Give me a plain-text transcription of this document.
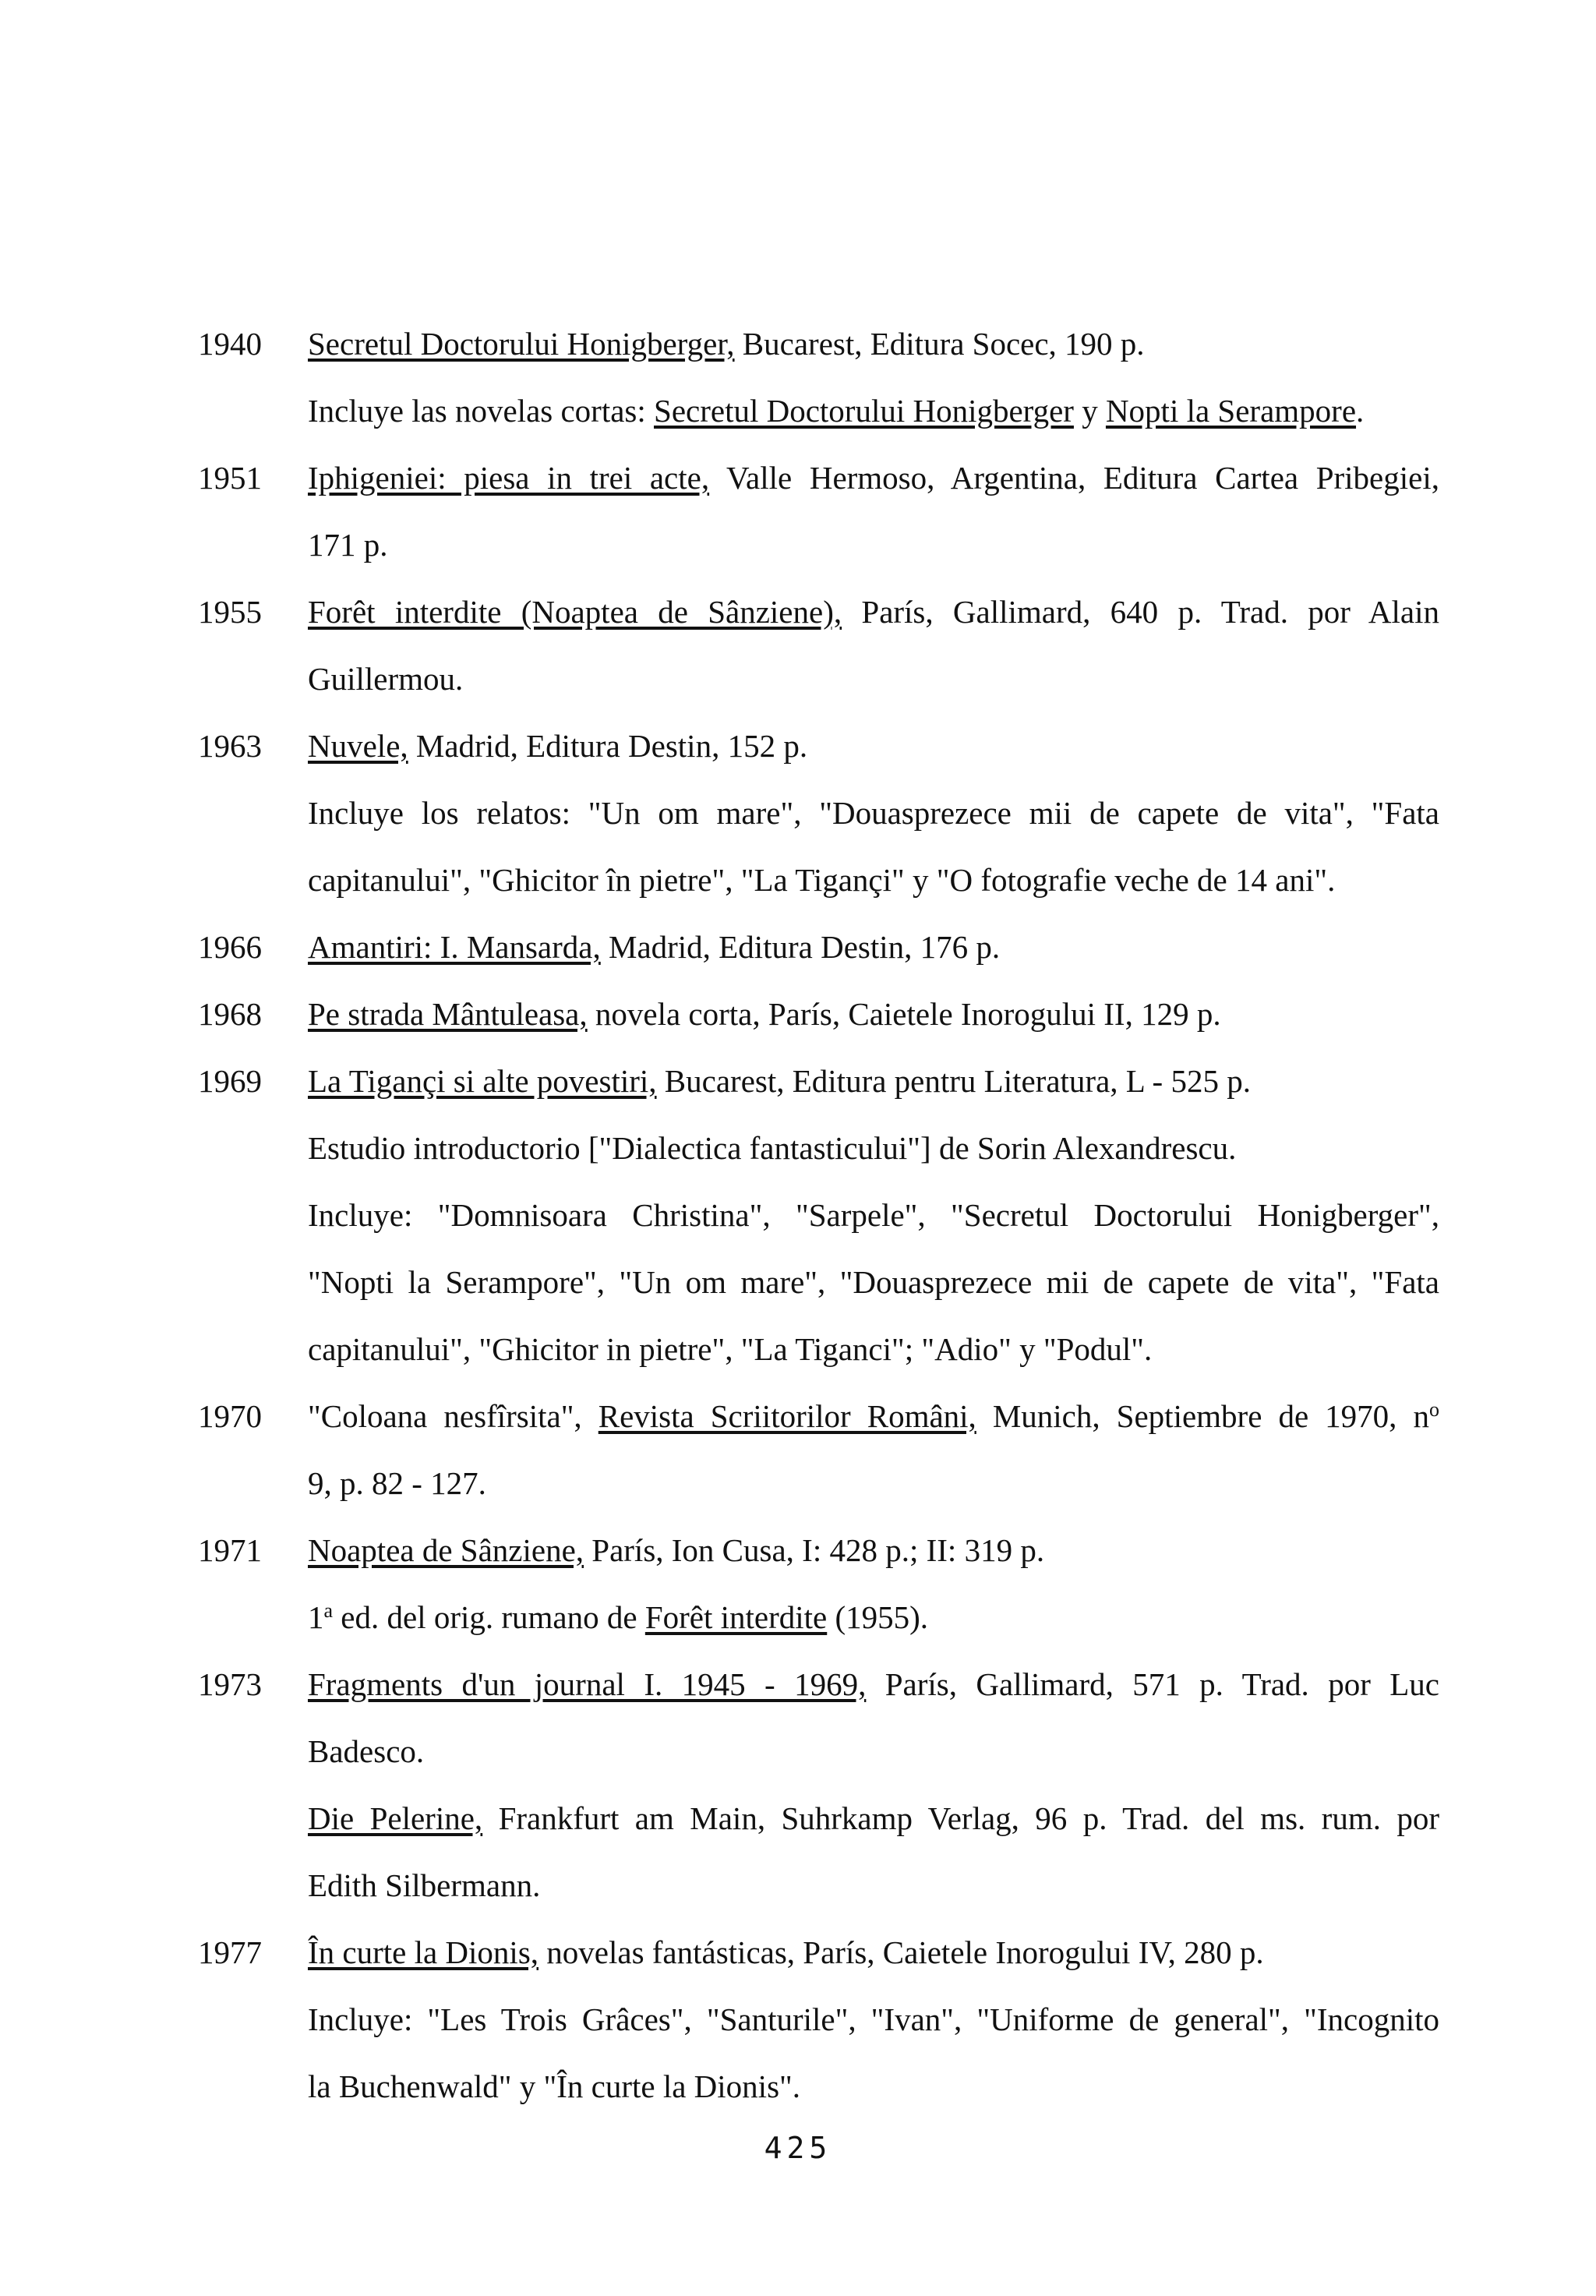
1940 Secretul Doctorului Honigberger, Bucarest, Editura Socec, 190 p.
Incluye las novelas cortas: Secretul Doctorului Honigberger y Nopti la Serampore.
1951 Iphigeniei: piesa in trei acte, Valle Hermoso, Argentina, Editura Cartea Pribegiei,
171 p.
1955 Forêt interdite (Noaptea de Sânziene), París, Gallimard, 640 p. Trad. por Alain
Guillermou.
1963 Nuvele, Madrid, Editura Destin, 152 p.
Incluye los relatos: "Un om mare", "Douasprezece mii de capete de vita", "Fata
capitanului", "Ghicitor în pietre", "La Tigançi" y "O fotografie veche de 14 ani".
1966 Amantiri: I. Mansarda, Madrid, Editura Destin, 176 p.
1968 Pe strada Mântuleasa, novela corta, París, Caietele Inorogului II, 129 p.
1969 La Tigançi si alte povestiri, Bucarest, Editura pentru Literatura, L - 525 p.
Estudio introductorio ["Dialectica fantasticului"] de Sorin Alexandrescu.
Incluye: "Domnisoara Christina", "Sarpele", "Secretul Doctorului Honigberger",
"Nopti la Serampore", "Un om mare", "Douasprezece mii de capete de vita", "Fata
capitanului", "Ghicitor in pietre", "La Tiganci"; "Adio" y "Podul".
1970 "Coloana nesfîrsita", Revista Scriitorilor Români, Munich, Septiembre de 1970, $n^o$
9, p. 82 - 127.
1971 Noaptea de Sânziene, París, Ion Cusa, I: 428 p.; II: 319 p.
1$^a$ ed. del orig. rumano de Forêt interdite (1955).
1973 Fragments d'un journal I. 1945 - 1969, París, Gallimard, 571 p. Trad. por Luc
Badesco.
Die Pelerine, Frankfurt am Main, Suhrkamp Verlag, 96 p. Trad. del ms. rum. por
Edith Silbermann.
1977 În curte la Dionis, novelas fantásticas, París, Caietele Inorogului IV, 280 p.
Incluye: "Les Trois Grâces", "Santurile", "Ivan", "Uniforme de general", "Incognito
la Buchenwald" y "În curte la Dionis".
425
